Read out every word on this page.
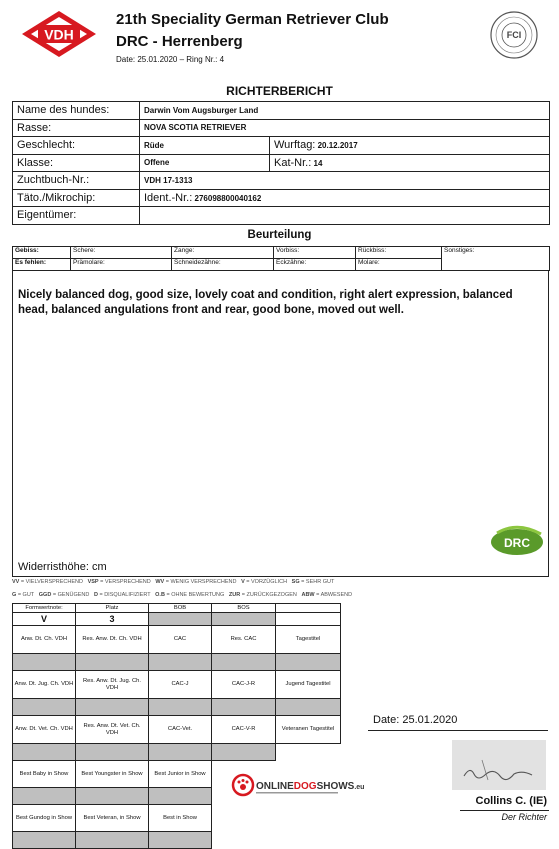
VDH
21th Speciality German Retriever Club
DRC - Herrenberg
Date: 25.01.2020 – Ring Nr.: 4
FCI
RICHTERBERICHT
Name des hundes:	Darwin Vom Augsburger Land	
Rasse:	NOVA SCOTIA RETRIEVER	
Geschlecht:	Rüde	Wurftag: 20.12.2017
Klasse:	Offene	Kat-Nr.: 14
Zuchtbuch-Nr.:	VDH 17-1313	
Täto./Mikrochip:	Ident.-Nr.: 276098800040162	
Eigentümer:		
Beurteilung
Gebiss:	Schere:	Zange:	Vorbiss:	Rückbiss:	Sonstiges:
Es fehlen:	Prämolare:	Schneidezähne:	Eckzähne:	Molare:	
Nicely balanced dog, good size, lovely coat and condition, right alert expression, balanced head, balanced angulations front and rear, good bone, moved out well.
DRC
Widerristhöhe: cm
VV = VIELVERSPRECHEND VSP = VERSPRECHEND WV = WENIG VERSPRECHEND V = VORZÜGLICH SG = SEHR GUT
G = GUT GGD = GENÜGEND D = DISQUALIFIZIERT O.B = OHNE BEWERTUNG ZUR = ZURÜCKGEZOGEN ABW = ABWESEND
Formwertnote:	Platz	BOB	BOS	
V	3			
Anw. Dt. Ch. VDH	Res. Anw. Dt. Ch. VDH	CAC	Res. CAC	Tagestitel

Anw. Dt. Jug. Ch. VDH	Res. Anw. Dt. Jug. Ch. VDH	CAC-J	CAC-J-R	Jugend Tagestitel

Anw. Dt. Vet. Ch. VDH	Res. Anw. Dt. Vet. Ch. VDH	CAC-Vet.	CAC-V-R	Veteranen Tagestitel

Best Baby in Show	Best Youngster in Show	Best Junior in Show		

Best Gundog in Show	Best Veteran, in Show	Best in Show		

ONLINEDOGSHOWS.eu
Date: 25.01.2020
Collins C. (IE)
Der Richter
